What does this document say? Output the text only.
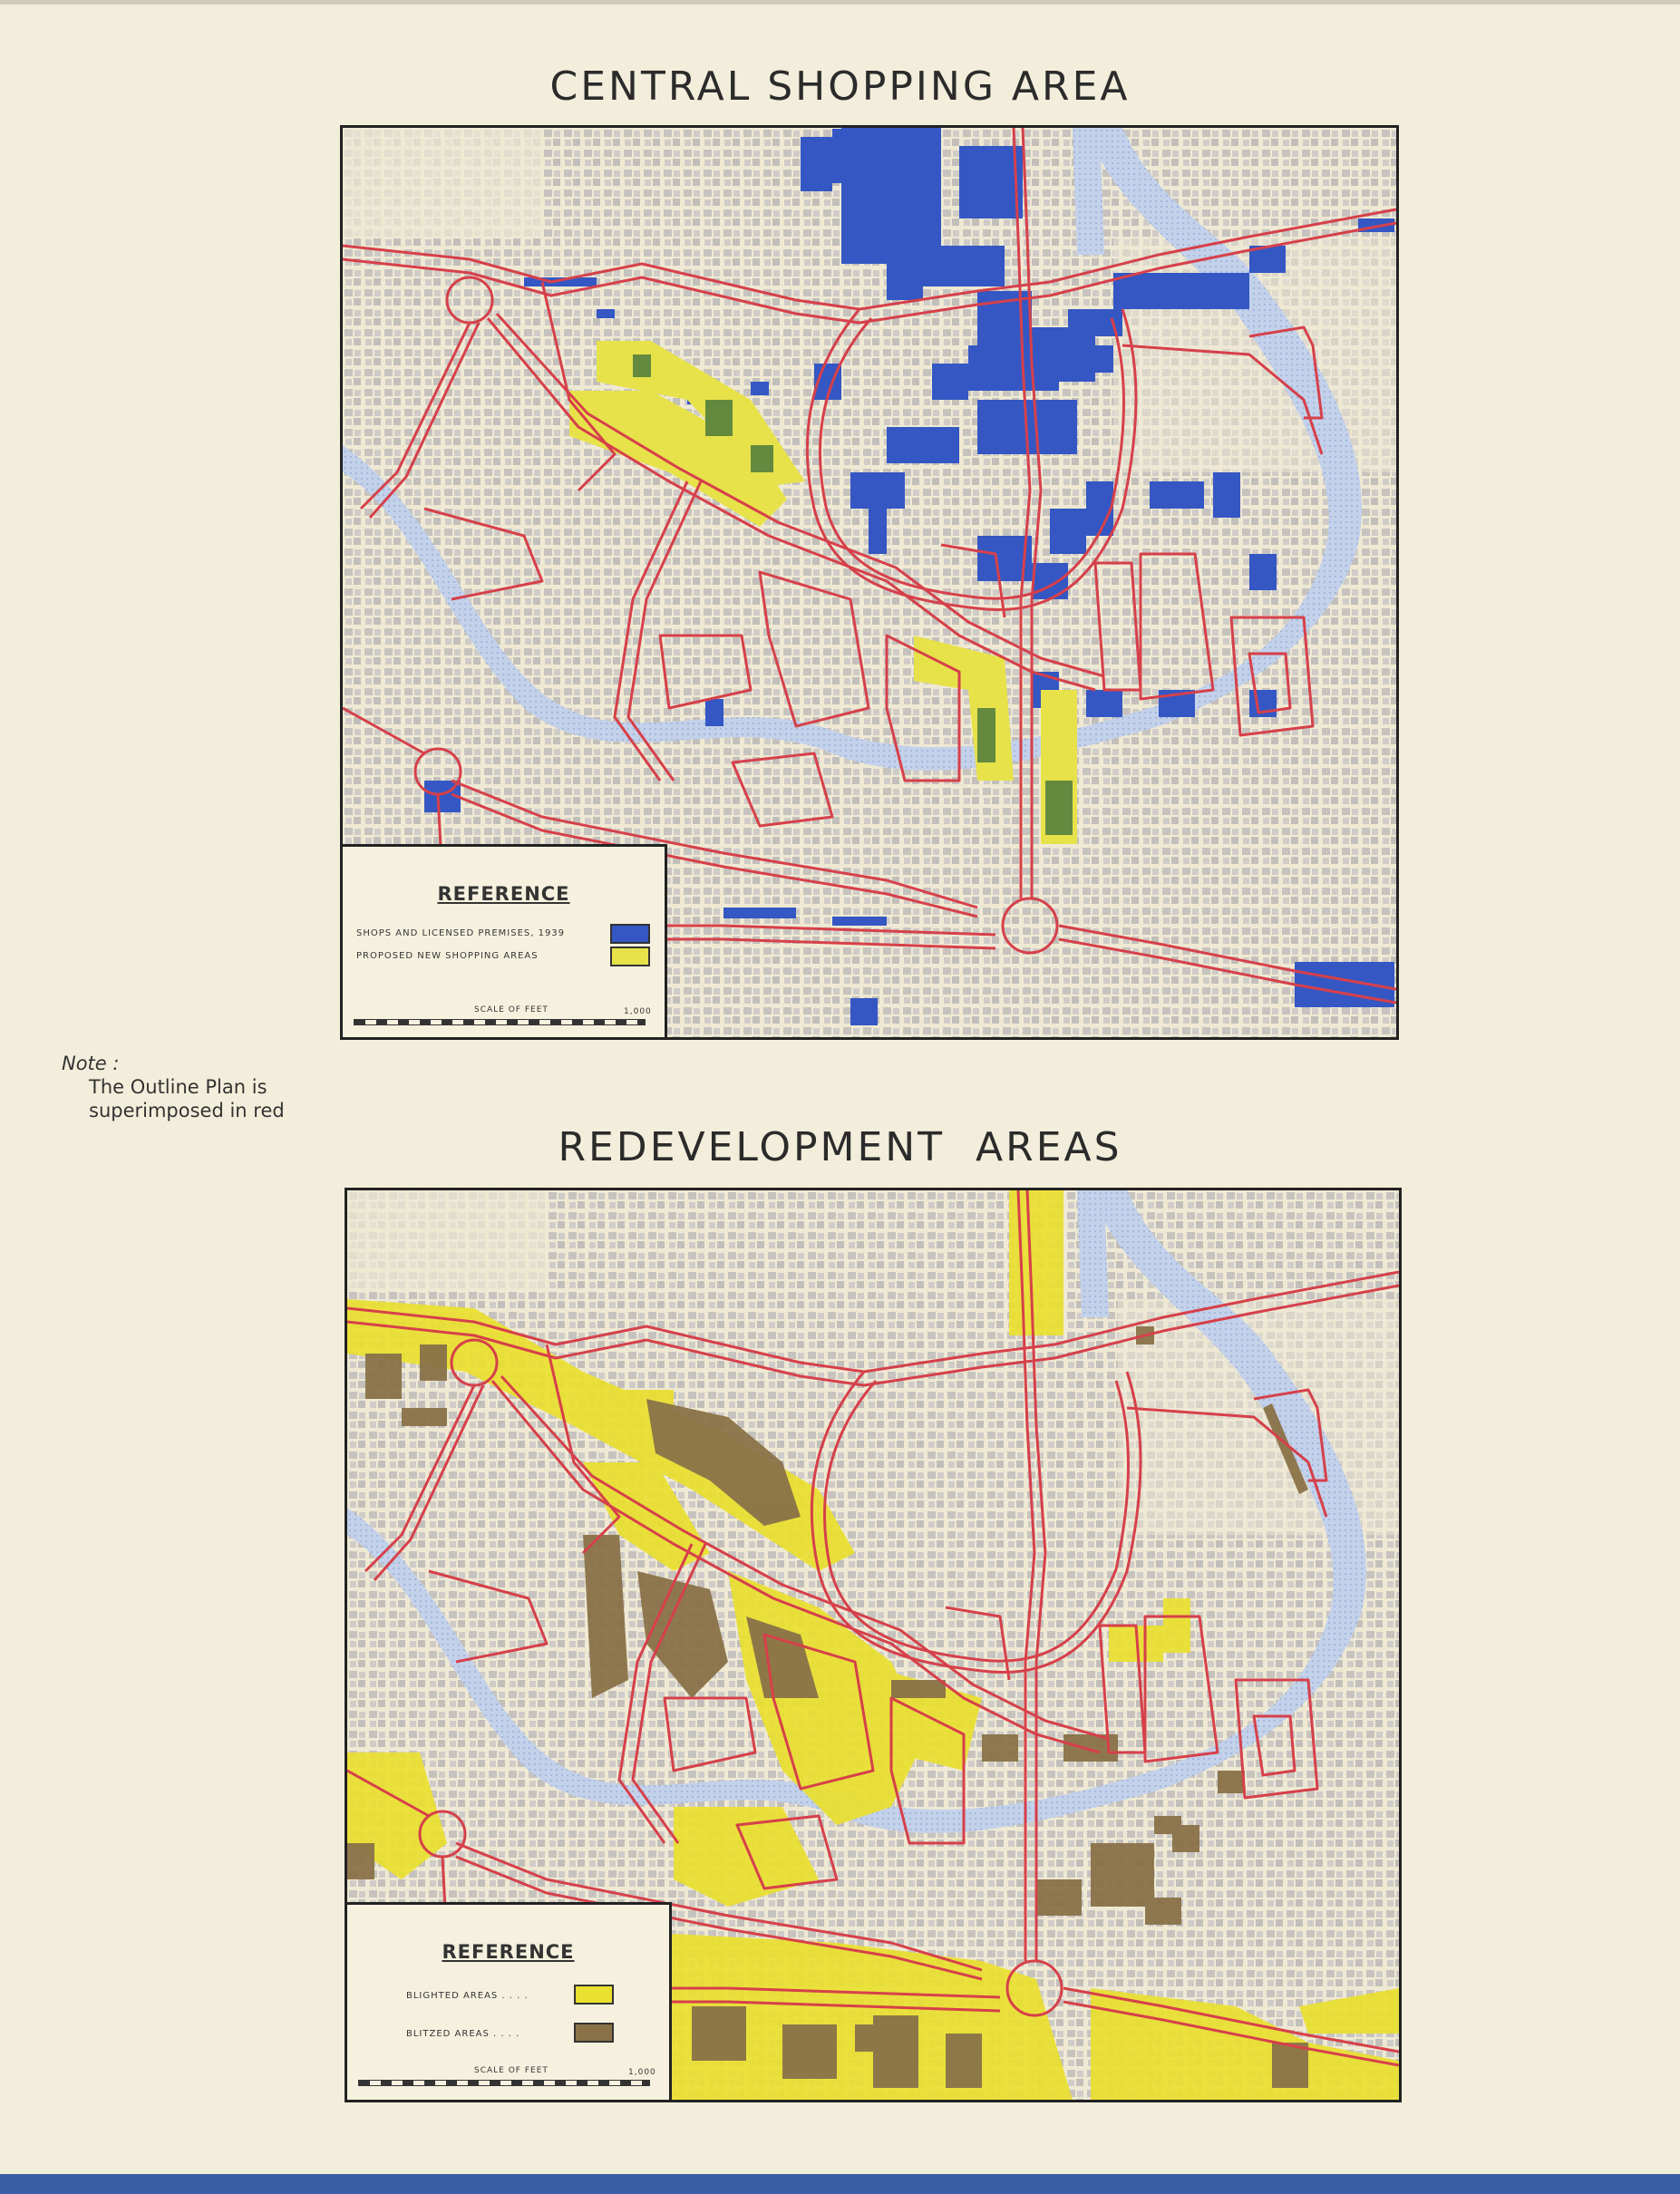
CENTRAL SHOPPING AREA
REFERENCE
SHOPS AND LICENSED PREMISES, 1939
PROPOSED NEW SHOPPING AREAS
SCALE OF FEET	1,000
Note :
The Outline Plan is
superimposed in red
REDEVELOPMENT  AREAS
REFERENCE
BLIGHTED AREAS . . . .
BLITZED AREAS . . . .
SCALE OF FEET	1,000
